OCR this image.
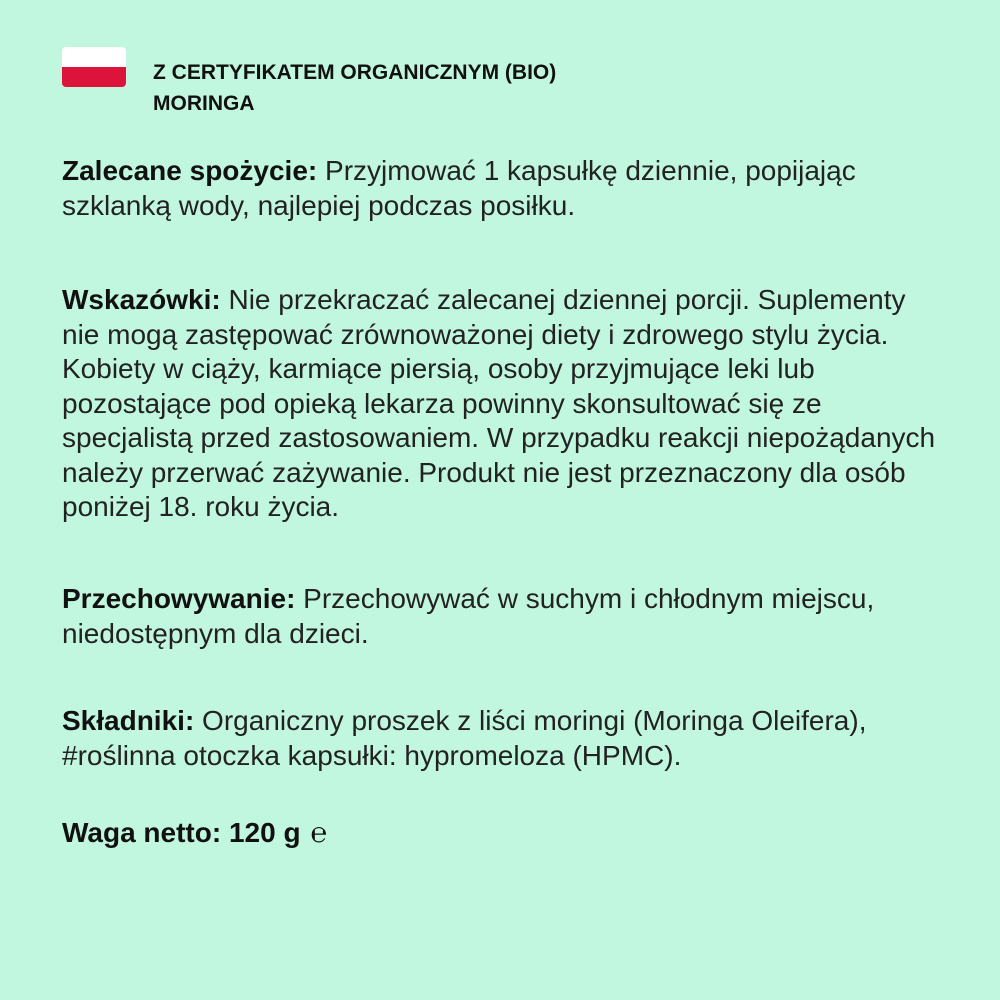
Z CERTYFIKATEM ORGANICZNYM (BIO)
MORINGA
Zalecane spożycie: Przyjmować 1 kapsułkę dziennie, popijając szklanką wody, najlepiej podczas posiłku.
Wskazówki: Nie przekraczać zalecanej dziennej porcji. Suplementy nie mogą zastępować zrównoważonej diety i zdrowego stylu życia. Kobiety w ciąży, karmiące piersią, osoby przyjmujące leki lub pozostające pod opieką lekarza powinny skonsultować się ze specjalistą przed zastosowaniem. W przypadku reakcji niepożądanych należy przerwać zażywanie. Produkt nie jest przeznaczony dla osób poniżej 18. roku życia.
Przechowywanie: Przechowywać w suchym i chłodnym miejscu, niedostępnym dla dzieci.
Składniki: Organiczny proszek z liści moringi (Moringa Oleifera), #roślinna otoczka kapsułki: hypromeloza (HPMC).
Waga netto: 120 g ℮
